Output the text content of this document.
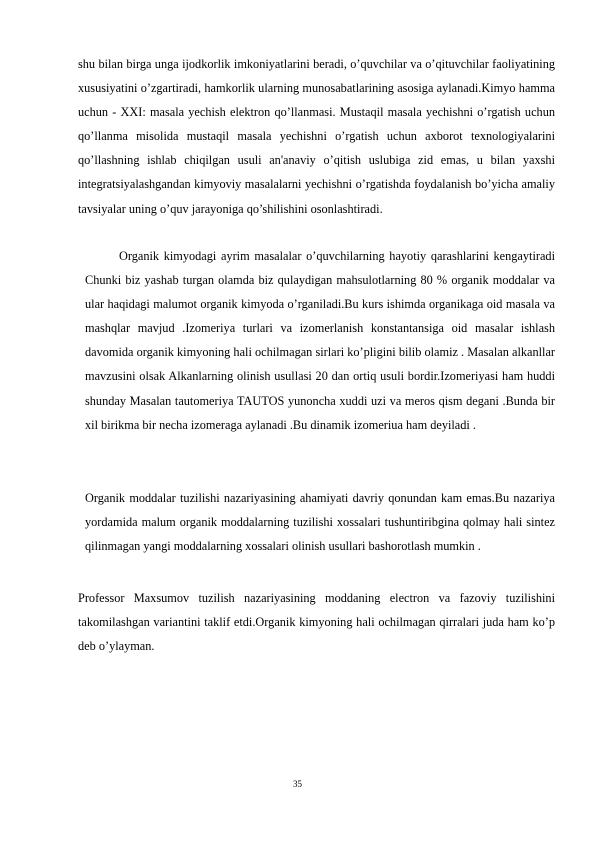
shu bilan birga unga ijodkorlik imkoniyatlarini beradi, o’quvchilar va o’qituvchilar faoliyatining xususiyatini o’zgartiradi, hamkorlik ularning munosabatlarining asosiga aylanadi.Kimyo hamma uchun - XXI: masala yechish elektron qo’llanmasi. Mustaqil masala yechishni o’rgatish uchun qo’llanma misolida mustaqil masala yechishni o’rgatish uchun axborot texnologiyalarini qo’llashning ishlab chiqilgan usuli an'anaviy o’qitish uslubiga zid emas, u bilan yaxshi integratsiyalashgandan kimyoviy masalalarni yechishni o’rgatishda foydalanish bo’yicha amaliy tavsiyalar uning o’quv jarayoniga qo’shilishini osonlashtiradi.

Organik kimyodagi ayrim masalalar o’quvchilarning hayotiy qarashlarini kengaytiradi Chunki biz yashab turgan olamda biz qulaydigan mahsulotlarning 80 % organik moddalar va ular haqidagi malumot organik kimyoda o’rganiladi.Bu kurs ishimda organikaga oid masala va mashqlar mavjud .Izomeriya turlari va izomerlanish konstantansiga oid masalar ishlash davomida organik kimyoning hali ochilmagan sirlari ko’pligini bilib olamiz . Masalan alkanllar mavzusini olsak Alkanlarning olinish usullasi 20 dan ortiq usuli bordir.Izomeriyasi ham huddi shunday Masalan tautomeriya TAUTOS yunoncha xuddi uzi va meros qism degani .Bunda bir xil birikma bir necha izomeraga aylanadi .Bu dinamik izomeriua ham deyiladi .

Organik moddalar tuzilishi nazariyasining ahamiyati davriy qonundan kam emas.Bu nazariya yordamida malum organik moddalarning tuzilishi xossalari tushuntiribgina qolmay hali sintez qilinmagan yangi moddalarning xossalari olinish usullari bashorotlash mumkin .

Professor Maxsumov tuzilish nazariyasining moddaning electron va fazoviy tuzilishini takomilashgan variantini taklif etdi.Organik kimyoning hali ochilmagan qirralari juda ham ko’p deb o’ylayman.

35
